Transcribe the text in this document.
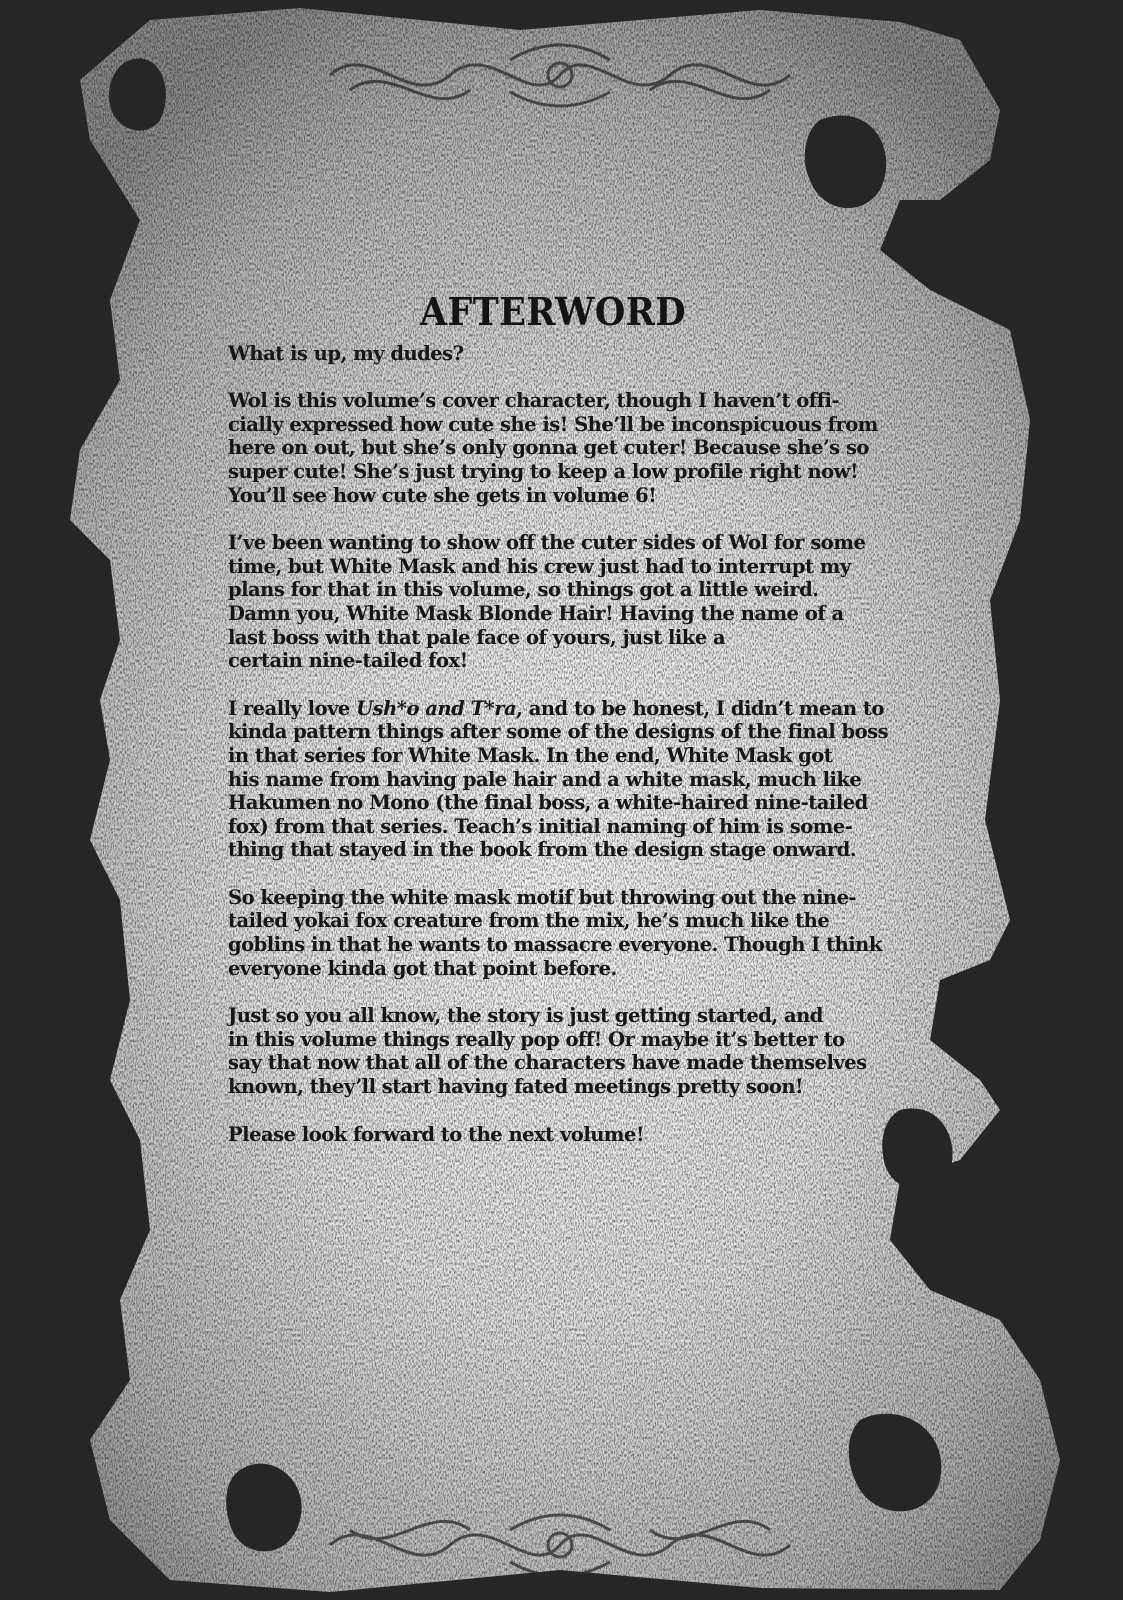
AFTERWORD
What is up, my dudes?
Wol is this volume’s cover character, though I haven’t offi-
cially expressed how cute she is! She’ll be inconspicuous from
here on out, but she’s only gonna get cuter! Because she’s so
super cute! She’s just trying to keep a low profile right now!
You’ll see how cute she gets in volume 6!
I’ve been wanting to show off the cuter sides of Wol for some
time, but White Mask and his crew just had to interrupt my
plans for that in this volume, so things got a little weird.
Damn you, White Mask Blonde Hair! Having the name of a
last boss with that pale face of yours, just like a
certain nine-tailed fox!
I really love Ush*o and T*ra, and to be honest, I didn’t mean to
kinda pattern things after some of the designs of the final boss
in that series for White Mask. In the end, White Mask got
his name from having pale hair and a white mask, much like
Hakumen no Mono (the final boss, a white-haired nine-tailed
fox) from that series. Teach’s initial naming of him is some-
thing that stayed in the book from the design stage onward.
So keeping the white mask motif but throwing out the nine-
tailed yokai fox creature from the mix, he’s much like the
goblins in that he wants to massacre everyone. Though I think
everyone kinda got that point before.
Just so you all know, the story is just getting started, and
in this volume things really pop off! Or maybe it’s better to
say that now that all of the characters have made themselves
known, they’ll start having fated meetings pretty soon!
Please look forward to the next volume!
